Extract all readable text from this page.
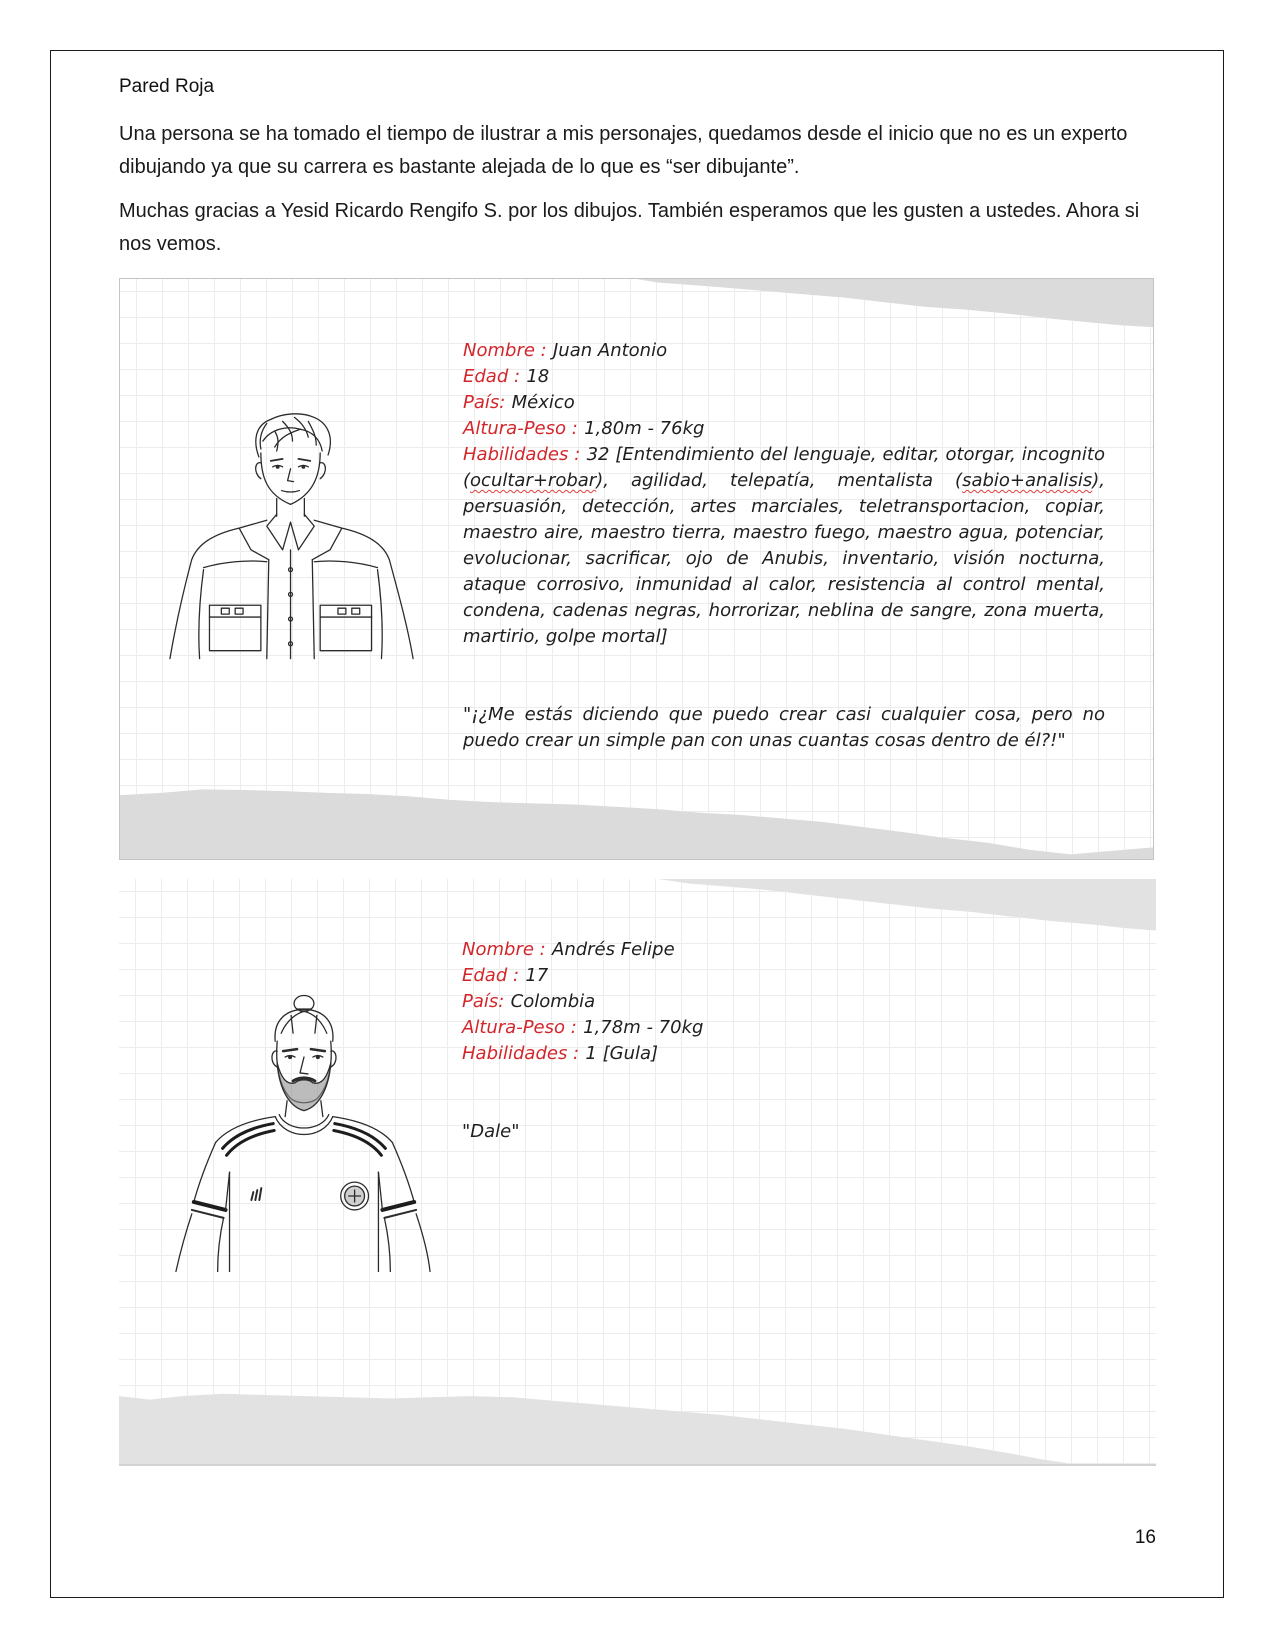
Pared Roja

Una persona se ha tomado el tiempo de ilustrar a mis personajes, quedamos desde el inicio que no es un experto dibujando ya que su carrera es bastante alejada de lo que es “ser dibujante”.

Muchas gracias a Yesid Ricardo Rengifo S. por los dibujos. También esperamos que les gusten a ustedes. Ahora si nos vemos.

Nombre : Juan Antonio
Edad : 18
País: México
Altura-Peso : 1,80m - 76kg
Habilidades : 32 [Entendimiento del lenguaje, editar, otorgar, incognito (ocultar+robar), agilidad, telepatía, mentalista (sabio+analisis), persuasión, detección, artes marciales, teletransportacion, copiar, maestro aire, maestro tierra, maestro fuego, maestro agua, potenciar, evolucionar, sacrificar, ojo de Anubis, inventario, visión nocturna, ataque corrosivo, inmunidad al calor, resistencia al control mental, condena, cadenas negras, horrorizar, neblina de sangre, zona muerta, martirio, golpe mortal]
"¡¿Me estás diciendo que puedo crear casi cualquier cosa, pero no puedo crear un simple pan con unas cuantas cosas dentro de él?!"
Nombre : Andrés Felipe
Edad : 17
País: Colombia
Altura-Peso : 1,78m - 70kg
Habilidades : 1 [Gula]
"Dale"
16
